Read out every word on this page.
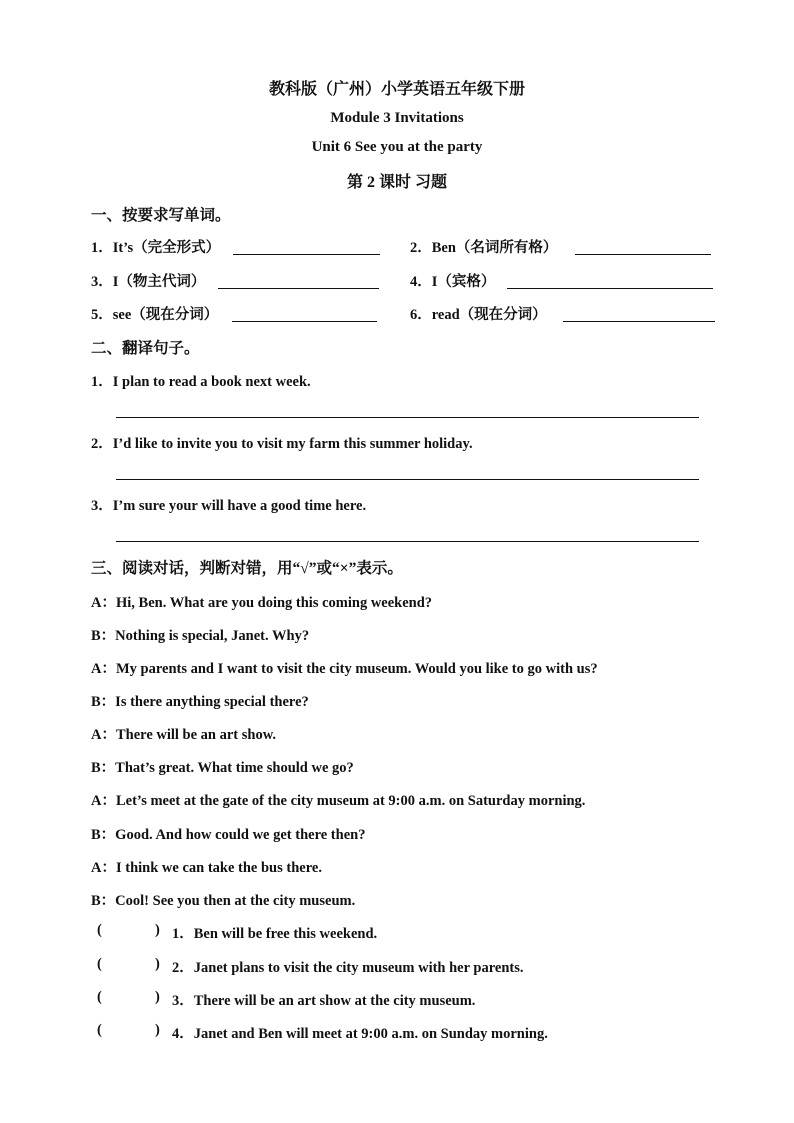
教科版（广州）小学英语五年级下册
Module 3 Invitations
Unit 6 See you at the party
第 2 课时 习题
一、按要求写单词。
1．It’s（完全形式）	2．Ben（名词所有格）
3．I（物主代词）	4．I（宾格）
5．see（现在分词）	6．read（现在分词）
二、翻译句子。
1．I plan to read a book next week.
2．I’d like to invite you to visit my farm this summer holiday.
3．I’m sure your will have a good time here.
三、阅读对话，判断对错，用“√”或“×”表示。
A：Hi, Ben. What are you doing this coming weekend?
B：Nothing is special, Janet. Why?
A：My parents and I want to visit the city museum. Would you like to go with us?
B：Is there anything special there?
A：There will be an art show.
B：That’s great. What time should we go?
A：Let’s meet at the gate of the city museum at 9:00 a.m. on Saturday morning.
B：Good. And how could we get there then?
A：I think we can take the bus there.
B：Cool! See you then at the city museum.
(	) 1．Ben will be free this weekend.
(	) 2．Janet plans to visit the city museum with her parents.
(	) 3．There will be an art show at the city museum.
(	) 4．Janet and Ben will meet at 9:00 a.m. on Sunday morning.
